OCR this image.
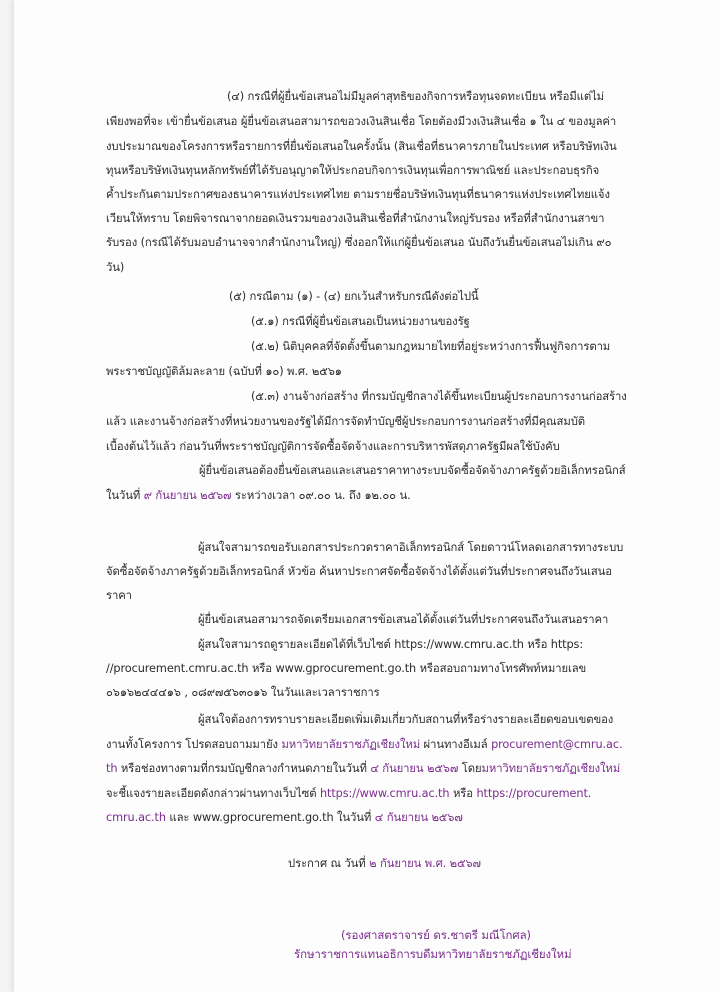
(๔) กรณีที่ผู้ยื่นข้อเสนอไม่มีมูลค่าสุทธิของกิจการหรือทุนจดทะเบียน หรือมีแต่ไม่
เพียงพอที่จะ เข้ายื่นข้อเสนอ ผู้ยื่นข้อเสนอสามารถขอวงเงินสินเชื่อ โดยต้องมีวงเงินสินเชื่อ ๑ ใน ๔ ของมูลค่า
งบประมาณของโครงการหรือรายการที่ยื่นข้อเสนอในครั้งนั้น (สินเชื่อที่ธนาคารภายในประเทศ หรือบริษัทเงิน
ทุนหรือบริษัทเงินทุนหลักทรัพย์ที่ได้รับอนุญาตให้ประกอบกิจการเงินทุนเพื่อการพาณิชย์ และประกอบธุรกิจ
ค้ำประกันตามประกาศของธนาคารแห่งประเทศไทย ตามรายชื่อบริษัทเงินทุนที่ธนาคารแห่งประเทศไทยแจ้ง
เวียนให้ทราบ โดยพิจารณาจากยอดเงินรวมของวงเงินสินเชื่อที่สำนักงานใหญ่รับรอง หรือที่สำนักงานสาขา
รับรอง (กรณีได้รับมอบอำนาจจากสำนักงานใหญ่) ซึ่งออกให้แก่ผู้ยื่นข้อเสนอ นับถึงวันยื่นข้อเสนอไม่เกิน ๙๐
วัน)
(๕) กรณีตาม (๑) - (๔) ยกเว้นสำหรับกรณีดังต่อไปนี้
(๕.๑) กรณีที่ผู้ยื่นข้อเสนอเป็นหน่วยงานของรัฐ
(๕.๒) นิติบุคคลที่จัดตั้งขึ้นตามกฎหมายไทยที่อยู่ระหว่างการฟื้นฟูกิจการตาม
พระราชบัญญัติล้มละลาย (ฉบับที่ ๑๐) พ.ศ. ๒๕๖๑
(๕.๓) งานจ้างก่อสร้าง ที่กรมบัญชีกลางได้ขึ้นทะเบียนผู้ประกอบการงานก่อสร้าง
แล้ว และงานจ้างก่อสร้างที่หน่วยงานของรัฐได้มีการจัดทำบัญชีผู้ประกอบการงานก่อสร้างที่มีคุณสมบัติ
เบื้องต้นไว้แล้ว ก่อนวันที่พระราชบัญญัติการจัดซื้อจัดจ้างและการบริหารพัสดุภาครัฐมีผลใช้บังคับ
ผู้ยื่นข้อเสนอต้องยื่นข้อเสนอและเสนอราคาทางระบบจัดซื้อจัดจ้างภาครัฐด้วยอิเล็กทรอนิกส์
ในวันที่ ๙ กันยายน ๒๕๖๗ ระหว่างเวลา ๐๙.๐๐ น. ถึง ๑๒.๐๐ น.
ผู้สนใจสามารถขอรับเอกสารประกวดราคาอิเล็กทรอนิกส์ โดยดาวน์โหลดเอกสารทางระบบ
จัดซื้อจัดจ้างภาครัฐด้วยอิเล็กทรอนิกส์ หัวข้อ ค้นหาประกาศจัดซื้อจัดจ้างได้ตั้งแต่วันที่ประกาศจนถึงวันเสนอ
ราคา
ผู้ยื่นข้อเสนอสามารถจัดเตรียมเอกสารข้อเสนอได้ตั้งแต่วันที่ประกาศจนถึงวันเสนอราคา
ผู้สนใจสามารถดูรายละเอียดได้ที่เว็บไซต์ https://www.cmru.ac.th หรือ https:
//procurement.cmru.ac.th หรือ www.gprocurement.go.th หรือสอบถามทางโทรศัพท์หมายเลข
๐๖๑๖๒๔๔๔๑๖ , ๐๘๙๗๕๖๓๐๑๖ ในวันและเวลาราชการ
ผู้สนใจต้องการทราบรายละเอียดเพิ่มเติมเกี่ยวกับสถานที่หรือร่างรายละเอียดขอบเขตของ
งานทั้งโครงการ โปรดสอบถามมายัง มหาวิทยาลัยราชภัฏเชียงใหม่ ผ่านทางอีเมล์ procurement@cmru.ac.
th หรือช่องทางตามที่กรมบัญชีกลางกำหนดภายในวันที่ ๔ กันยายน ๒๕๖๗ โดยมหาวิทยาลัยราชภัฏเชียงใหม่
จะชี้แจงรายละเอียดดังกล่าวผ่านทางเว็บไซต์ https://www.cmru.ac.th หรือ https://procurement.
cmru.ac.th และ www.gprocurement.go.th ในวันที่ ๔ กันยายน ๒๕๖๗
ประกาศ ณ วันที่ ๒ กันยายน พ.ศ. ๒๕๖๗
(รองศาสตราจารย์ ดร.ชาตรี มณีโกศล)
รักษาราชการแทนอธิการบดีมหาวิทยาลัยราชภัฏเชียงใหม่
